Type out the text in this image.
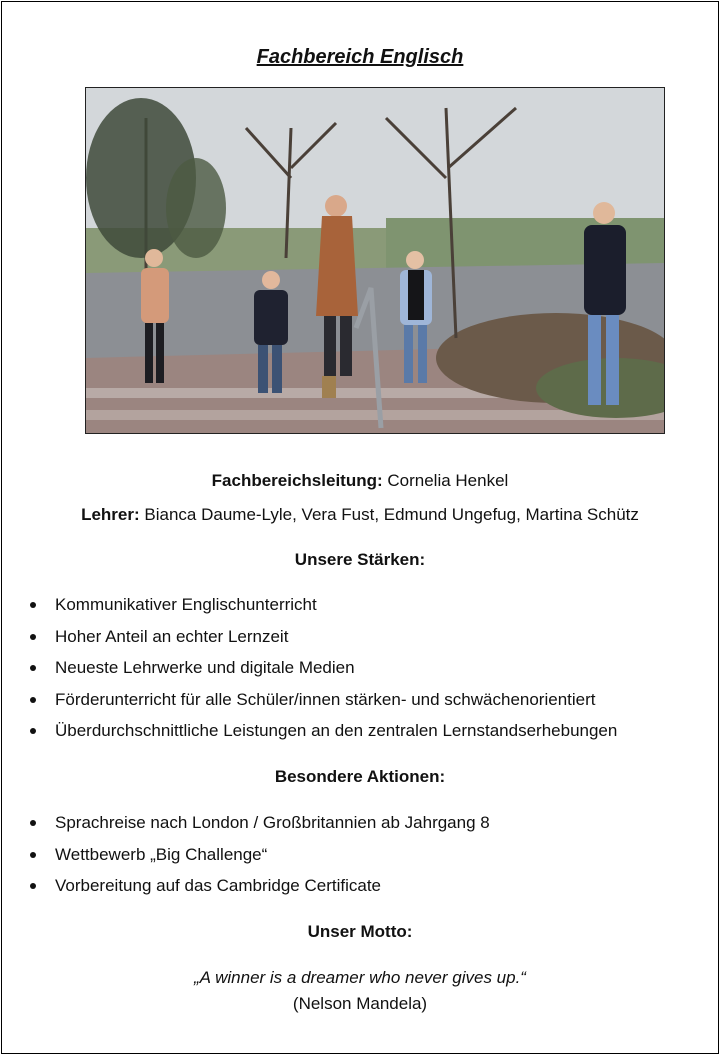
Fachbereich Englisch
Fachbereichsleitung: Cornelia Henkel
Lehrer: Bianca Daume-Lyle, Vera Fust, Edmund Ungefug, Martina Schütz
Unsere Stärken:
Kommunikativer Englischunterricht
Hoher Anteil an echter Lernzeit
Neueste Lehrwerke und digitale Medien
Förderunterricht für alle Schüler/innen stärken- und schwächenorientiert
Überdurchschnittliche Leistungen an den zentralen Lernstandserhebungen
Besondere Aktionen:
Sprachreise nach London / Großbritannien ab Jahrgang 8
Wettbewerb „Big Challenge“
Vorbereitung auf das Cambridge Certificate
Unser Motto:
„A winner is a dreamer who never gives up.“
(Nelson Mandela)
